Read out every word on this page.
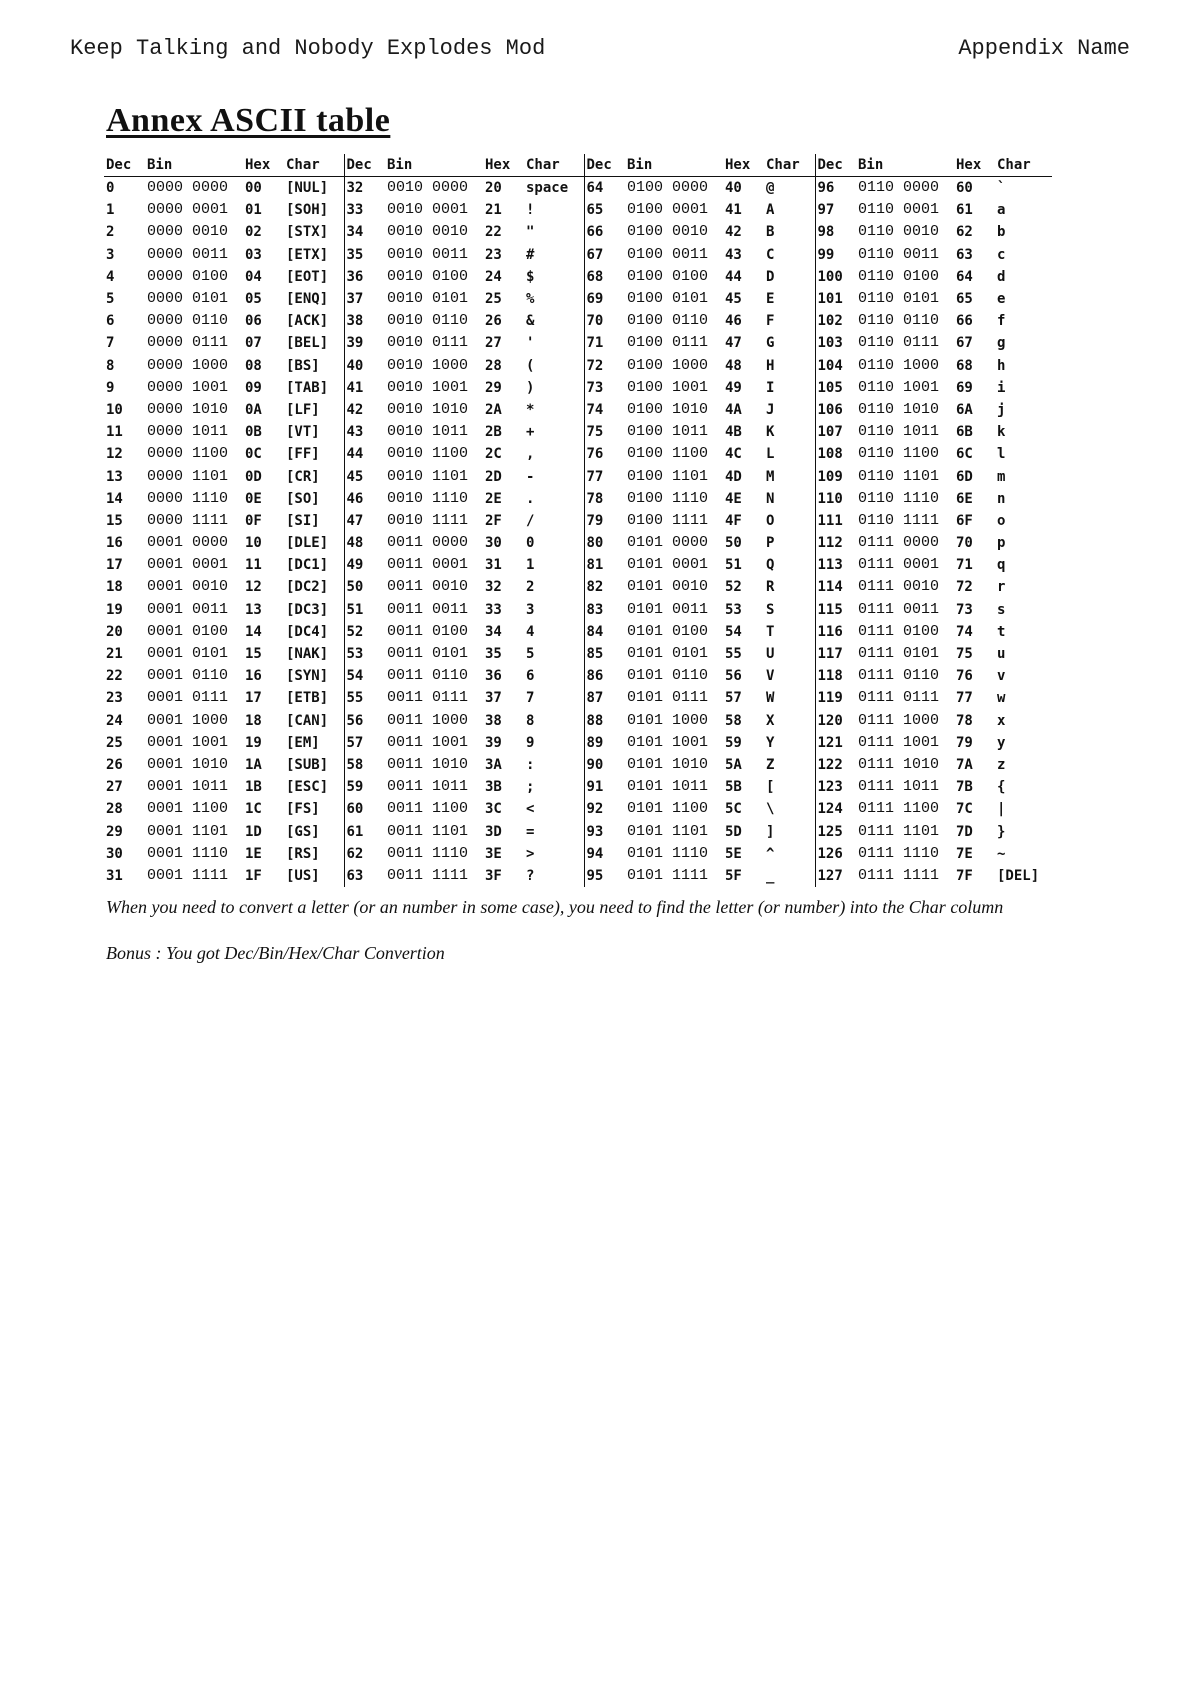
Keep Talking and Nobody Explodes Mod	Appendix Name
Annex ASCII table
Dec	Bin	Hex	Char	Dec	Bin	Hex	Char	Dec	Bin	Hex	Char	Dec	Bin	Hex	Char
0	0000 0000	00	[NUL]	32	0010 0000	20	space	64	0100 0000	40	@	96	0110 0000	60	`
1	0000 0001	01	[SOH]	33	0010 0001	21	!	65	0100 0001	41	A	97	0110 0001	61	a
2	0000 0010	02	[STX]	34	0010 0010	22	"	66	0100 0010	42	B	98	0110 0010	62	b
3	0000 0011	03	[ETX]	35	0010 0011	23	#	67	0100 0011	43	C	99	0110 0011	63	c
4	0000 0100	04	[EOT]	36	0010 0100	24	$	68	0100 0100	44	D	100	0110 0100	64	d
5	0000 0101	05	[ENQ]	37	0010 0101	25	%	69	0100 0101	45	E	101	0110 0101	65	e
6	0000 0110	06	[ACK]	38	0010 0110	26	&	70	0100 0110	46	F	102	0110 0110	66	f
7	0000 0111	07	[BEL]	39	0010 0111	27	'	71	0100 0111	47	G	103	0110 0111	67	g
8	0000 1000	08	[BS]	40	0010 1000	28	(	72	0100 1000	48	H	104	0110 1000	68	h
9	0000 1001	09	[TAB]	41	0010 1001	29	)	73	0100 1001	49	I	105	0110 1001	69	i
10	0000 1010	0A	[LF]	42	0010 1010	2A	*	74	0100 1010	4A	J	106	0110 1010	6A	j
11	0000 1011	0B	[VT]	43	0010 1011	2B	+	75	0100 1011	4B	K	107	0110 1011	6B	k
12	0000 1100	0C	[FF]	44	0010 1100	2C	,	76	0100 1100	4C	L	108	0110 1100	6C	l
13	0000 1101	0D	[CR]	45	0010 1101	2D	-	77	0100 1101	4D	M	109	0110 1101	6D	m
14	0000 1110	0E	[SO]	46	0010 1110	2E	.	78	0100 1110	4E	N	110	0110 1110	6E	n
15	0000 1111	0F	[SI]	47	0010 1111	2F	/	79	0100 1111	4F	O	111	0110 1111	6F	o
16	0001 0000	10	[DLE]	48	0011 0000	30	0	80	0101 0000	50	P	112	0111 0000	70	p
17	0001 0001	11	[DC1]	49	0011 0001	31	1	81	0101 0001	51	Q	113	0111 0001	71	q
18	0001 0010	12	[DC2]	50	0011 0010	32	2	82	0101 0010	52	R	114	0111 0010	72	r
19	0001 0011	13	[DC3]	51	0011 0011	33	3	83	0101 0011	53	S	115	0111 0011	73	s
20	0001 0100	14	[DC4]	52	0011 0100	34	4	84	0101 0100	54	T	116	0111 0100	74	t
21	0001 0101	15	[NAK]	53	0011 0101	35	5	85	0101 0101	55	U	117	0111 0101	75	u
22	0001 0110	16	[SYN]	54	0011 0110	36	6	86	0101 0110	56	V	118	0111 0110	76	v
23	0001 0111	17	[ETB]	55	0011 0111	37	7	87	0101 0111	57	W	119	0111 0111	77	w
24	0001 1000	18	[CAN]	56	0011 1000	38	8	88	0101 1000	58	X	120	0111 1000	78	x
25	0001 1001	19	[EM]	57	0011 1001	39	9	89	0101 1001	59	Y	121	0111 1001	79	y
26	0001 1010	1A	[SUB]	58	0011 1010	3A	:	90	0101 1010	5A	Z	122	0111 1010	7A	z
27	0001 1011	1B	[ESC]	59	0011 1011	3B	;	91	0101 1011	5B	[	123	0111 1011	7B	{
28	0001 1100	1C	[FS]	60	0011 1100	3C	<	92	0101 1100	5C	\	124	0111 1100	7C	|
29	0001 1101	1D	[GS]	61	0011 1101	3D	=	93	0101 1101	5D	]	125	0111 1101	7D	}
30	0001 1110	1E	[RS]	62	0011 1110	3E	>	94	0101 1110	5E	^	126	0111 1110	7E	~
31	0001 1111	1F	[US]	63	0011 1111	3F	?	95	0101 1111	5F	_	127	0111 1111	7F	[DEL]

When you need to convert a letter (or an number in some case), you need to find the letter (or number) into the Char column

Bonus : You got Dec/Bin/Hex/Char Convertion
